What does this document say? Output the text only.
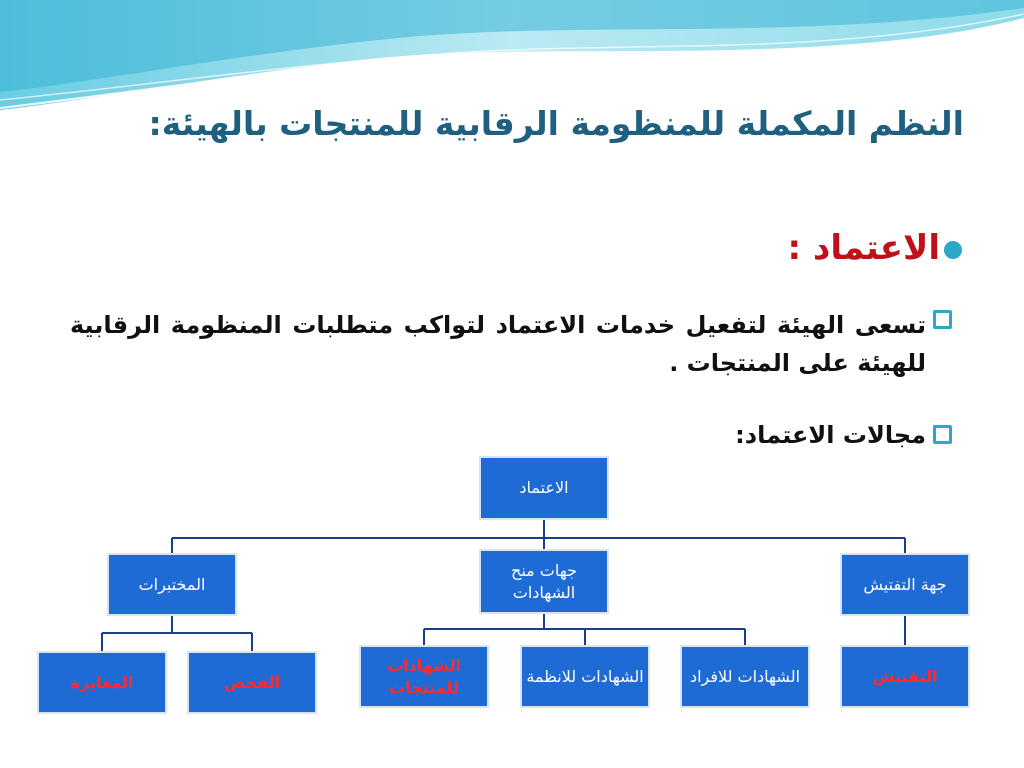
النظم المكملة للمنظومة الرقابية للمنتجات بالهيئة:
الاعتماد :
تسعى الهيئة لتفعيل خدمات الاعتماد لتواكب متطلبات المنظومة الرقابية للهيئة على المنتجات .
مجالات الاعتماد:
الاعتماد
المختبرات
جهات منح الشهادات	جهة التفتيش
المعايرة	الفحص
الشهادات للمنتجات
الشهادات للانظمة	الشهادات للافراد	التفتيش
